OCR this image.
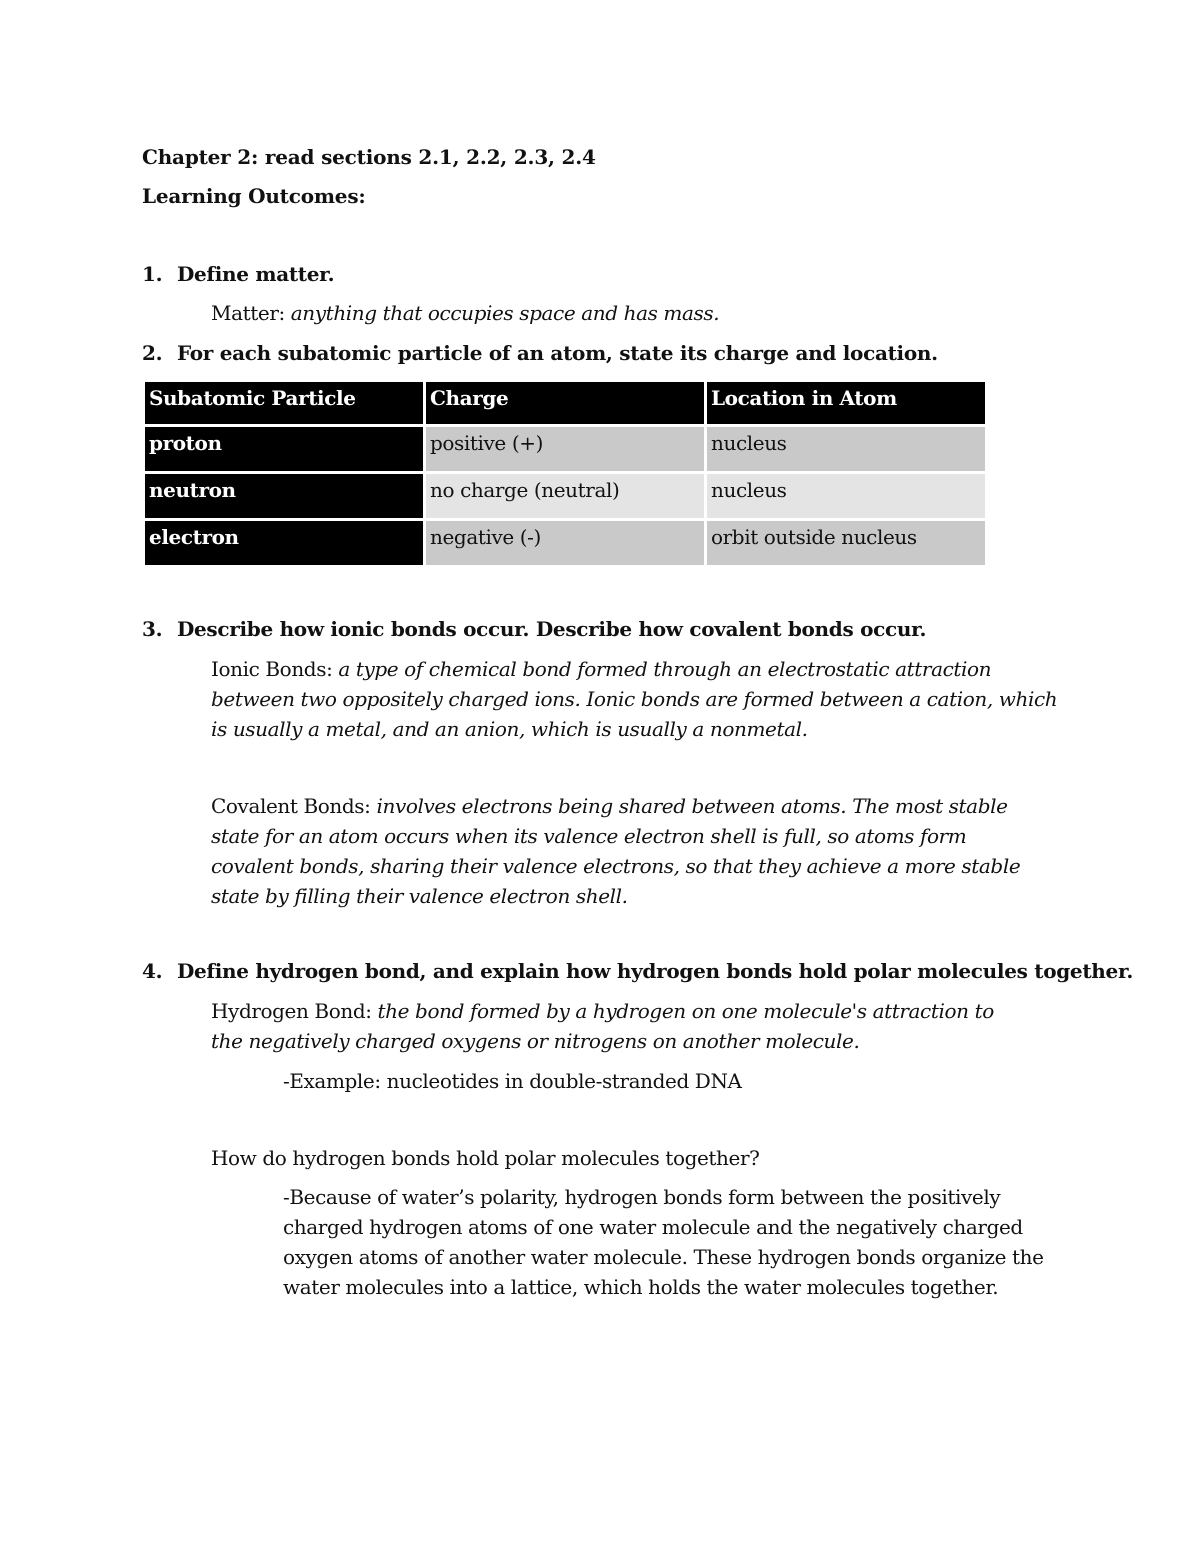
Chapter 2: read sections 2.1, 2.2, 2.3, 2.4
Learning Outcomes:
1. Define matter.
Matter: anything that occupies space and has mass.
2. For each subatomic particle of an atom, state its charge and location.
Subatomic Particle	Charge	Location in Atom
proton	positive (+)	nucleus
neutron	no charge (neutral)	nucleus
electron	negative (-)	orbit outside nucleus
3. Describe how ionic bonds occur. Describe how covalent bonds occur.
Ionic Bonds: a type of chemical bond formed through an electrostatic attraction between two oppositely charged ions. Ionic bonds are formed between a cation, which is usually a metal, and an anion, which is usually a nonmetal.
Covalent Bonds: involves electrons being shared between atoms. The most stable state for an atom occurs when its valence electron shell is full, so atoms form covalent bonds, sharing their valence electrons, so that they achieve a more stable state by filling their valence electron shell.
4. Define hydrogen bond, and explain how hydrogen bonds hold polar molecules together.
Hydrogen Bond: the bond formed by a hydrogen on one molecule's attraction to the negatively charged oxygens or nitrogens on another molecule.
-Example: nucleotides in double-stranded DNA
How do hydrogen bonds hold polar molecules together?
-Because of water’s polarity, hydrogen bonds form between the positively charged hydrogen atoms of one water molecule and the negatively charged oxygen atoms of another water molecule. These hydrogen bonds organize the water molecules into a lattice, which holds the water molecules together.
